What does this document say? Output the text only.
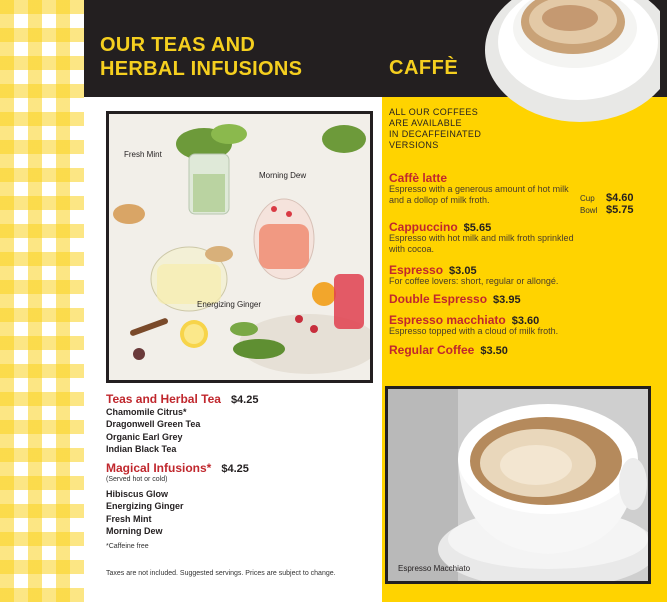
OUR TEAS AND
HERBAL INFUSIONS	CAFFÈ
ALL OUR COFFEES
ARE AVAILABLE
IN DECAFFEINATED
VERSIONS
Caffè latte
Espresso with a generous amount of hot milk
and a dollop of milk froth.	Cup $4.60
Bowl $5.75
Cappuccino $5.65
Espresso with hot milk and milk froth sprinkled
with cocoa.
Espresso $3.05
For coffee lovers: short, regular or allongé.
Double Espresso $3.95
Espresso macchiato $3.60
Espresso topped with a cloud of milk froth.
Regular Coffee $3.50
Fresh Mint
Morning Dew
Energizing Ginger
Espresso Macchiato
Teas and Herbal Tea $4.25
Chamomile Citrus*
Dragonwell Green Tea
Organic Earl Grey
Indian Black Tea
Magical Infusions* $4.25
(Served hot or cold)
Hibiscus Glow
Energizing Ginger
Fresh Mint
Morning Dew
*Caffeine free
Taxes are not included. Suggested servings. Prices are subject to change.
